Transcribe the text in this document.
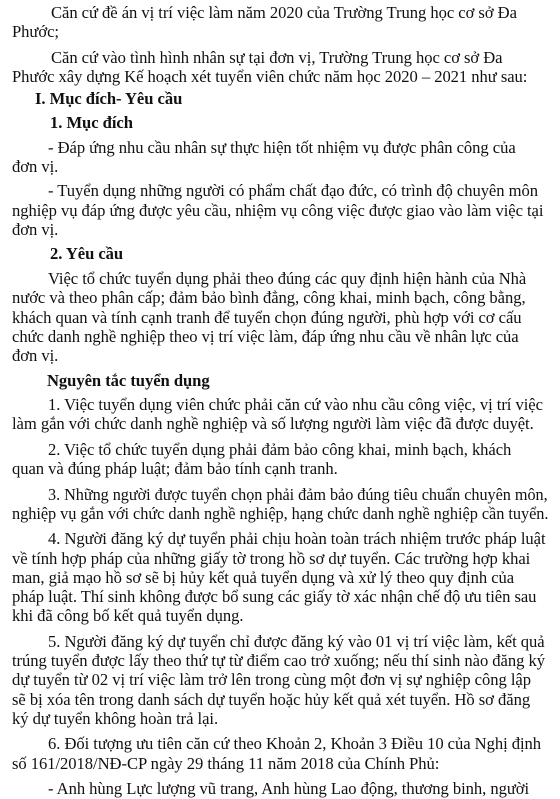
Căn cứ đề án vị trí việc làm năm 2020 của Trường Trung học cơ sở Đa
Phước;
Căn cứ vào tình hình nhân sự tại đơn vị, Trường Trung học cơ sở Đa
Phước xây dựng Kế hoạch xét tuyển viên chức năm học 2020 – 2021 như sau:
I. Mục đích- Yêu cầu
1. Mục đích
- Đáp ứng nhu cầu nhân sự thực hiện tốt nhiệm vụ được phân công của
đơn vị.
- Tuyển dụng những người có phẩm chất đạo đức, có trình độ chuyên môn
nghiệp vụ đáp ứng được yêu cầu, nhiệm vụ công việc được giao vào làm việc tại
đơn vị.
2. Yêu cầu
Việc tổ chức tuyển dụng phải theo đúng các quy định hiện hành của Nhà
nước và theo phân cấp; đảm bảo bình đẳng, công khai, minh bạch, công bằng,
khách quan và tính cạnh tranh để tuyển chọn đúng người, phù hợp với cơ cấu
chức danh nghề nghiệp theo vị trí việc làm, đáp ứng nhu cầu về nhân lực của
đơn vị.
Nguyên tắc tuyển dụng
1. Việc tuyển dụng viên chức phải căn cứ vào nhu cầu công việc, vị trí việc
làm gắn với chức danh nghề nghiệp và số lượng người làm việc đã được duyệt.
2. Việc tổ chức tuyển dụng phải đảm bảo công khai, minh bạch, khách
quan và đúng pháp luật; đảm bảo tính cạnh tranh.
3. Những người được tuyển chọn phải đảm bảo đúng tiêu chuẩn chuyên môn,
nghiệp vụ gắn với chức danh nghề nghiệp, hạng chức danh nghề nghiệp cần tuyển.
4. Người đăng ký dự tuyển phải chịu hoàn toàn trách nhiệm trước pháp luật
về tính hợp pháp của những giấy tờ trong hồ sơ dự tuyển. Các trường hợp khai
man, giả mạo hồ sơ sẽ bị hủy kết quả tuyển dụng và xử lý theo quy định của
pháp luật. Thí sinh không được bổ sung các giấy tờ xác nhận chế độ ưu tiên sau
khi đã công bố kết quả tuyển dụng.
5. Người đăng ký dự tuyển chỉ được đăng ký vào 01 vị trí việc làm, kết quả
trúng tuyển được lấy theo thứ tự từ điểm cao trở xuống; nếu thí sinh nào đăng ký
dự tuyển từ 02 vị trí việc làm trở lên trong cùng một đơn vị sự nghiệp công lập
sẽ bị xóa tên trong danh sách dự tuyển hoặc hủy kết quả xét tuyển. Hồ sơ đăng
ký dự tuyển không hoàn trả lại.
6. Đối tượng ưu tiên căn cứ theo Khoản 2, Khoản 3 Điều 10 của Nghị định
số 161/2018/NĐ-CP ngày 29 tháng 11 năm 2018 của Chính Phủ:
- Anh hùng Lực lượng vũ trang, Anh hùng Lao động, thương binh, người
